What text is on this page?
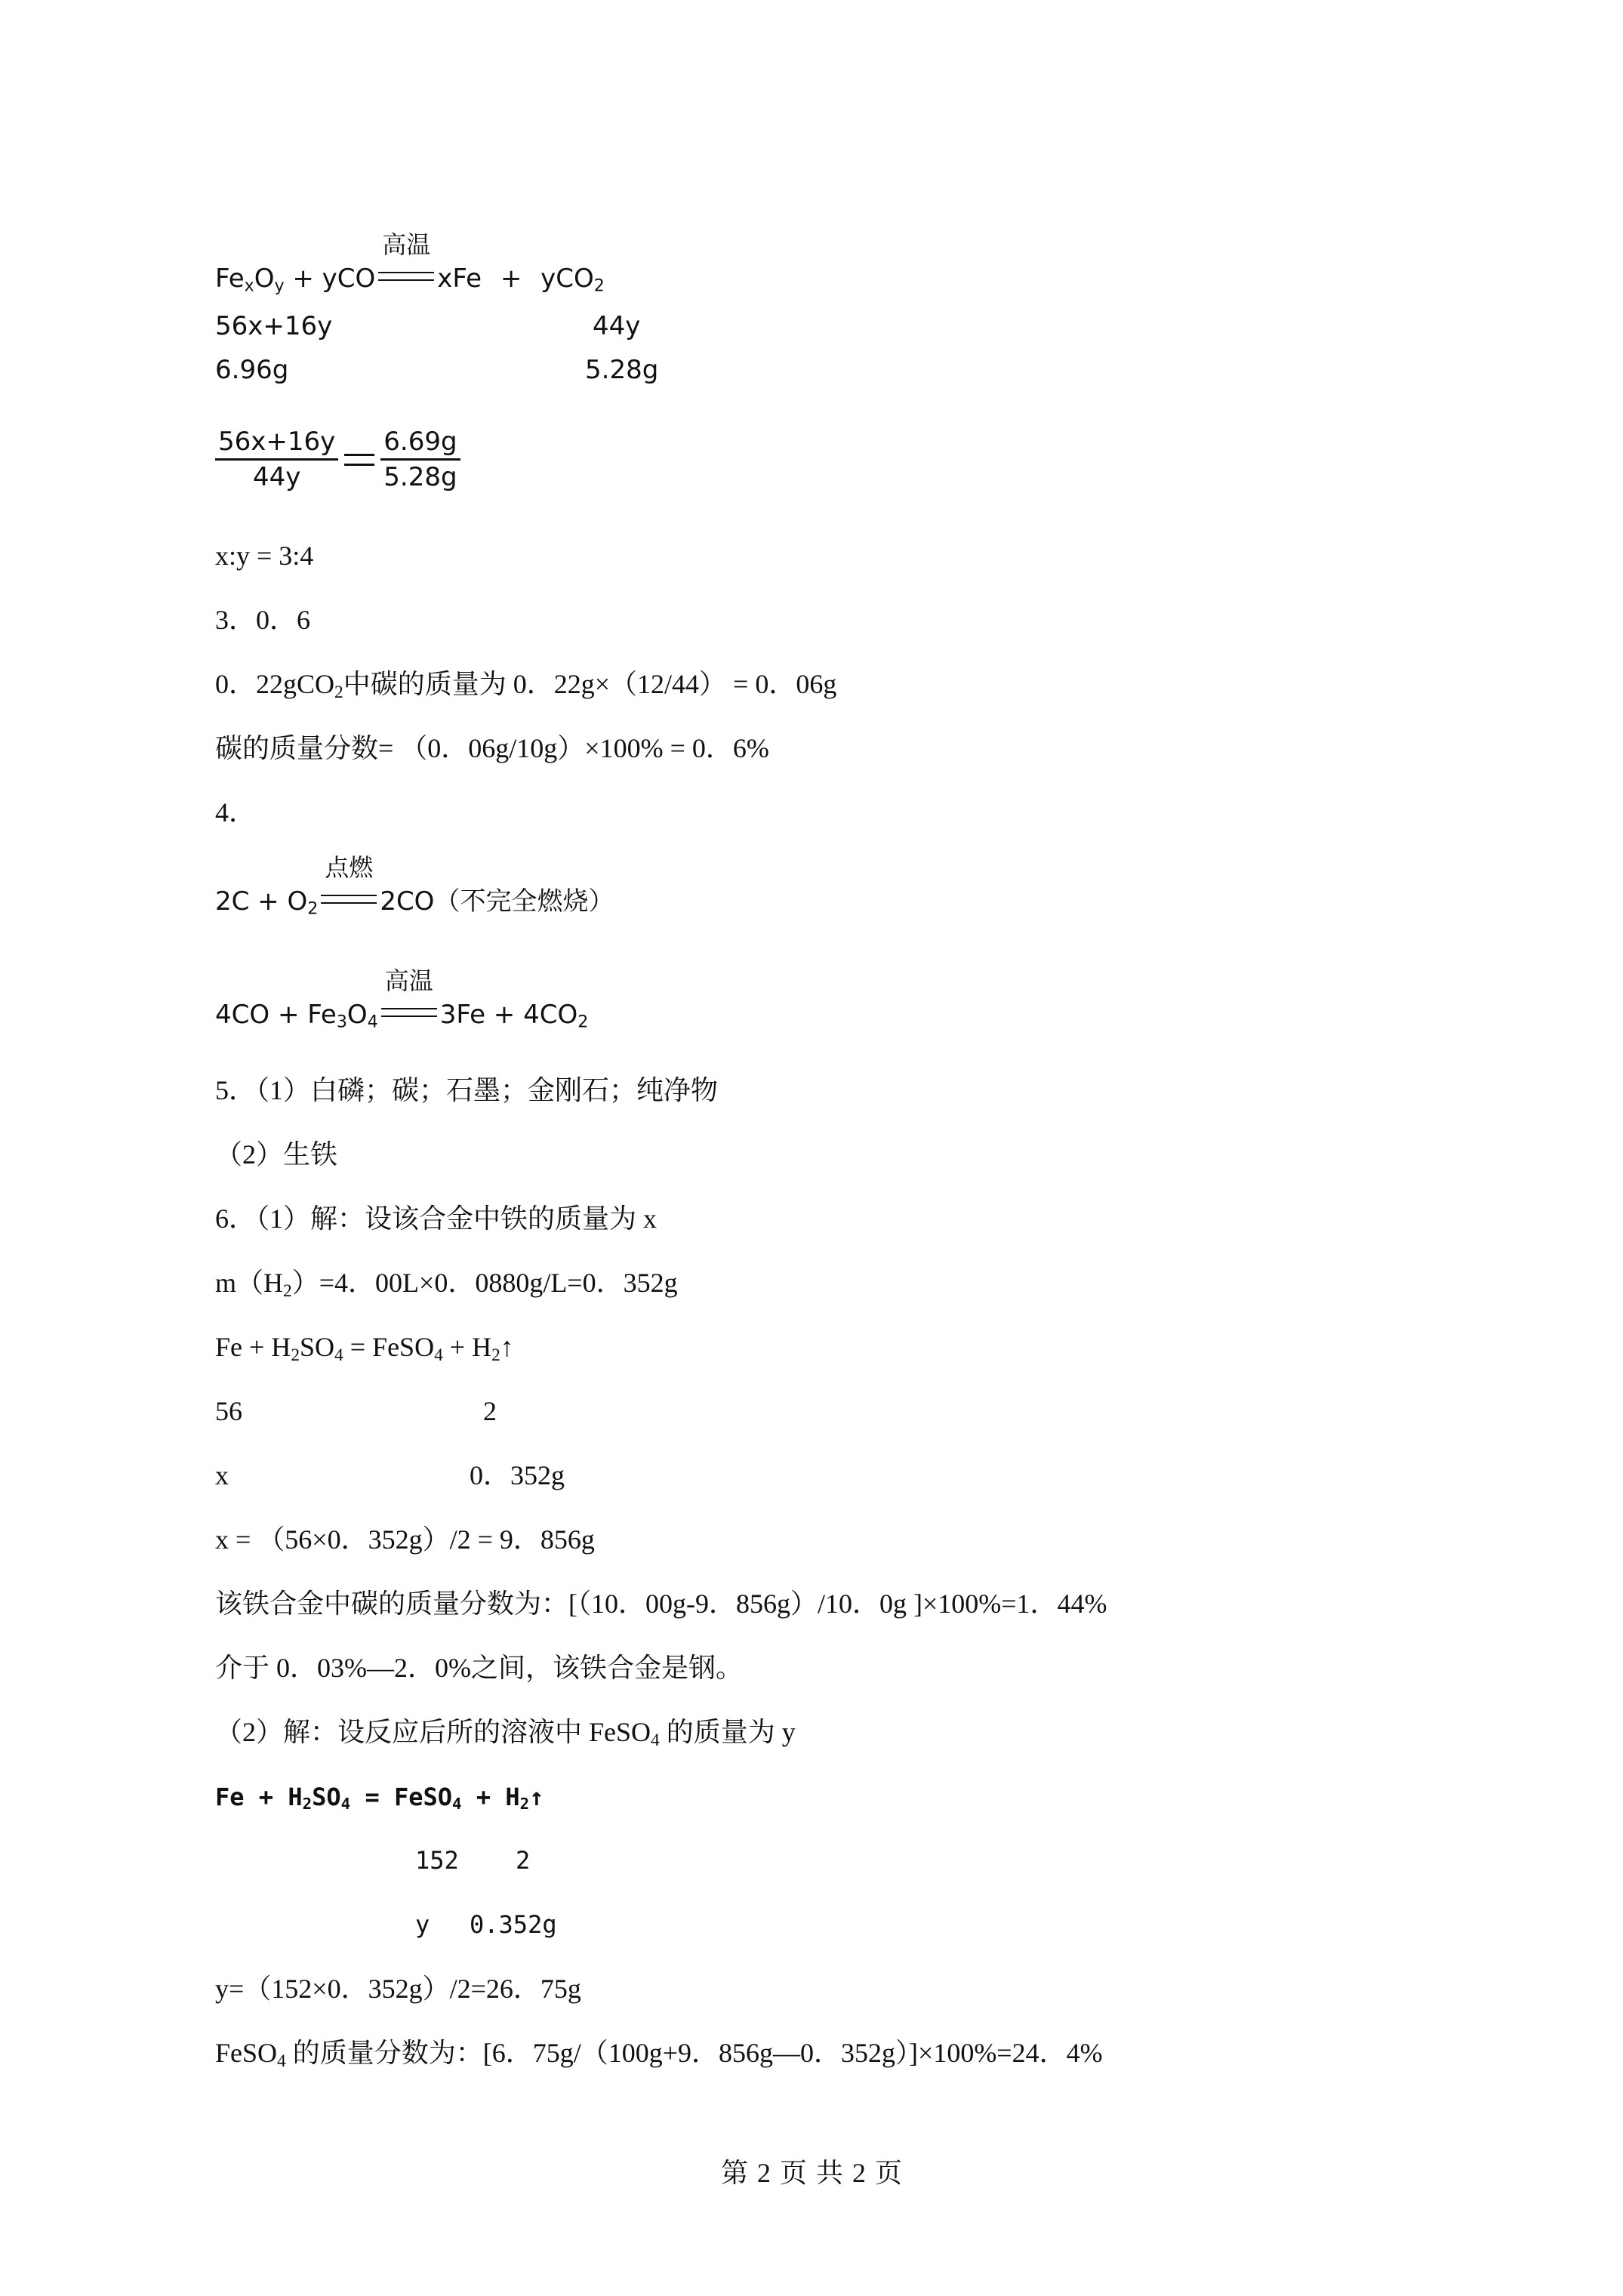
$Fe_xO_y$ + yCO
高温
xFe + yCO$_2$
56x+16y	44y
6.96g	5.28g
$\frac{56x+16y}{44y} \frac{6.69g}{5.28g}$
x:y = 3:4
3．0．6
0．22gCO$_2$中碳的质量为 0．22g×（12/44） = 0．06g
碳的质量分数= （0．06g/10g）×100% = 0．6%
4．
$2C + O_2$
点燃
2CO（不完全燃烧）
$4CO + Fe_3O_4$
高温
$3Fe + 4CO_2$
5．（1）白磷；碳；石墨；金刚石；纯净物
（2）生铁
6．（1）解：设该合金中铁的质量为 x
$m(H_2)=4$．00L×0．0880g/L=0．352g
$Fe + H_2SO_4$ = FeSO$_4$ + $H_2↑$
56	2
x	0．352g
x = （56×0．352g）/2 = 9．856g
该铁合金中碳的质量分数为：[（10．00g-9．856g）/10．0g ]×100%=1．44%
介于 0．03%—2．0%之间，该铁合金是钢。
（2）解：设反应后所的溶液中 FeSO$_4$ 的质量为 y
$Fe + H_2SO_4$ = FeSO$_4$ + $H_2↑$
152 2
y 0.352g
y=（152×0．352g）/2=26．75g
FeSO$_4$ 的质量分数为：[6．75g/（100g+9．856g—0．352g）]×100%=24．4%
第 2 页 共 2 页
